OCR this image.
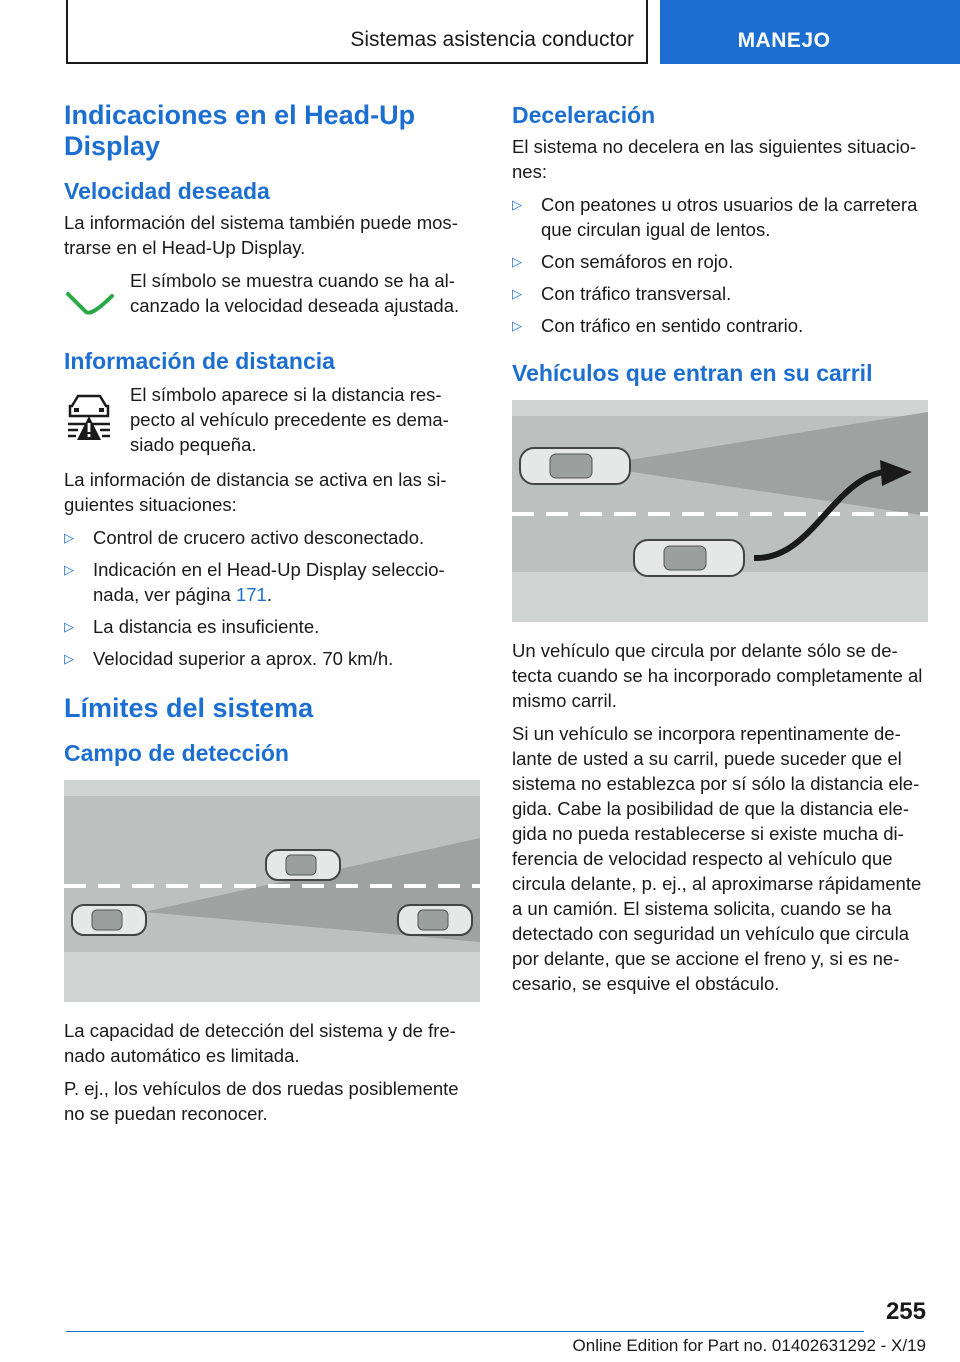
Sistemas asistencia conductor	MANEJO
Indicaciones en el Head-Up Display
Velocidad deseada

La información del sistema también puede mostrarse en el Head-Up Display.

El símbolo se muestra cuando se ha alcanzado la velocidad deseada ajustada.
Información de distancia
El símbolo aparece si la distancia respecto al vehículo precedente es demasiado pequeña.

La información de distancia se activa en las siguientes situaciones:

▷	Control de crucero activo desconectado.
▷	Indicación en el Head-Up Display seleccionada, ver página 171.
▷	La distancia es insuficiente.
▷	Velocidad superior a aprox. 70 km/h.
Límites del sistema
Campo de detección

La capacidad de detección del sistema y de frenado automático es limitada.

P. ej., los vehículos de dos ruedas posiblemente no se puedan reconocer.

Deceleración

El sistema no decelera en las siguientes situaciones:

▷	Con peatones u otros usuarios de la carretera que circulan igual de lentos.
▷	Con semáforos en rojo.
▷	Con tráfico transversal.
▷	Con tráfico en sentido contrario.
Vehículos que entran en su carril

Un vehículo que circula por delante sólo se detecta cuando se ha incorporado completamente al mismo carril.

Si un vehículo se incorpora repentinamente delante de usted a su carril, puede suceder que el sistema no establezca por sí sólo la distancia elegida. Cabe la posibilidad de que la distancia elegida no pueda restablecerse si existe mucha diferencia de velocidad respecto al vehículo que circula delante, p. ej., al aproximarse rápidamente a un camión. El sistema solicita, cuando se ha detectado con seguridad un vehículo que circula por delante, que se accione el freno y, si es necesario, se esquive el obstáculo.

255
Online Edition for Part no. 01402631292 - X/19
